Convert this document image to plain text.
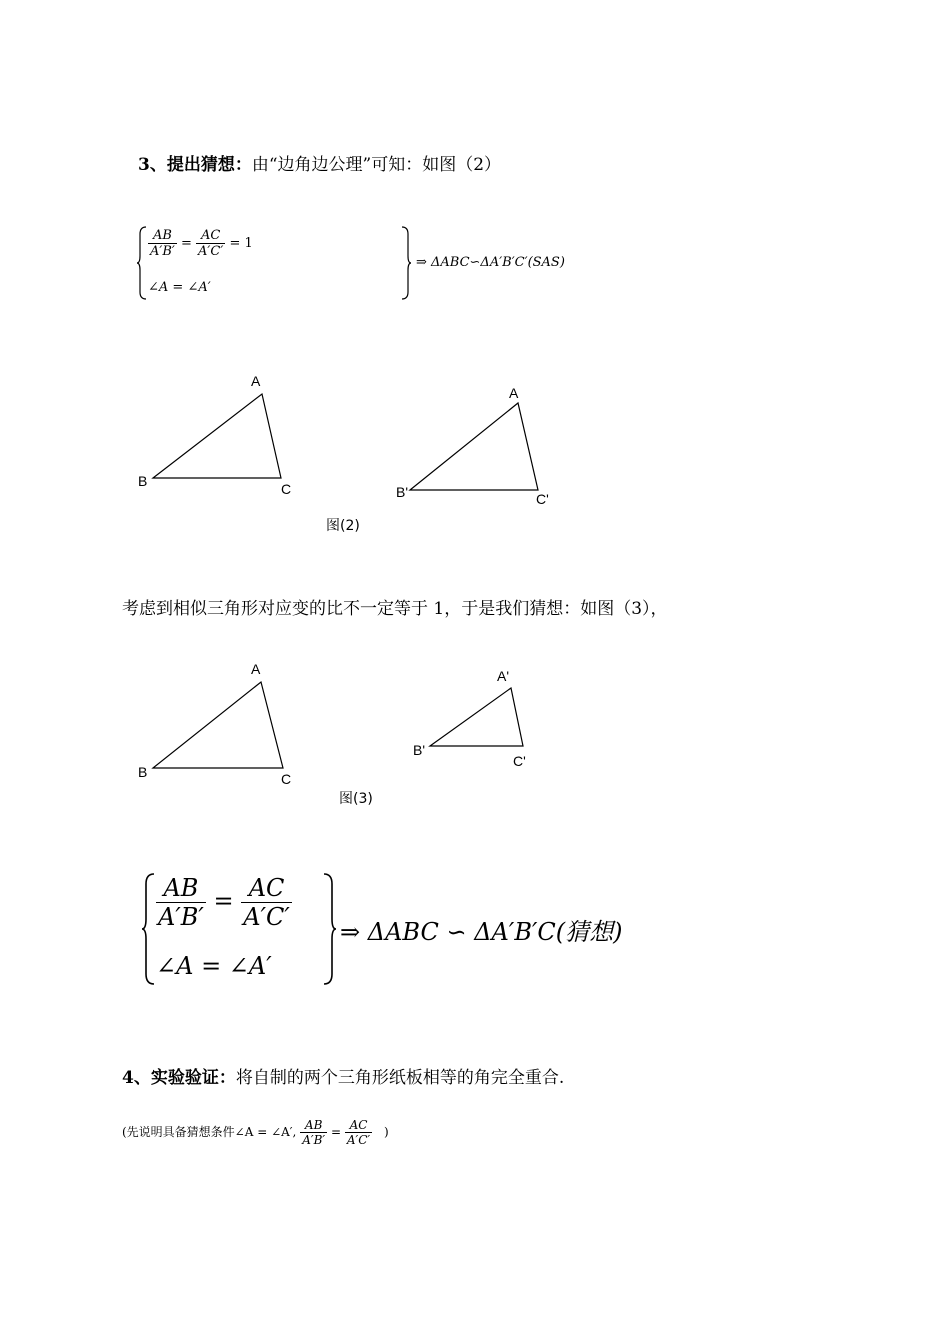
3、提出猜想：由“边角边公理”可知：如图（2）
$\frac{AB}{A'B'} = \frac{AC}{A'C'} = 1$
∠A = ∠A′
⇒ ΔABC∽ΔA′B′C′(SAS)
A
B	C
A
B'	C'
图(2)
考虑到相似三角形对应变的比不一定等于 1，于是我们猜想：如图（3），
A
B	C
A'
B'
C'
图(3)
$\frac{AB}{A'B'} = \frac{AC}{A'C'}$
∠A = ∠A′
⇒ ΔABC ∽ ΔA′B′C(猜想)
4、实验验证：将自制的两个三角形纸板相等的角完全重合.
(先说明具备猜想条件∠A = ∠A′, $\frac{AB}{A'B'} = \frac{AC}{A'C'}$ )
